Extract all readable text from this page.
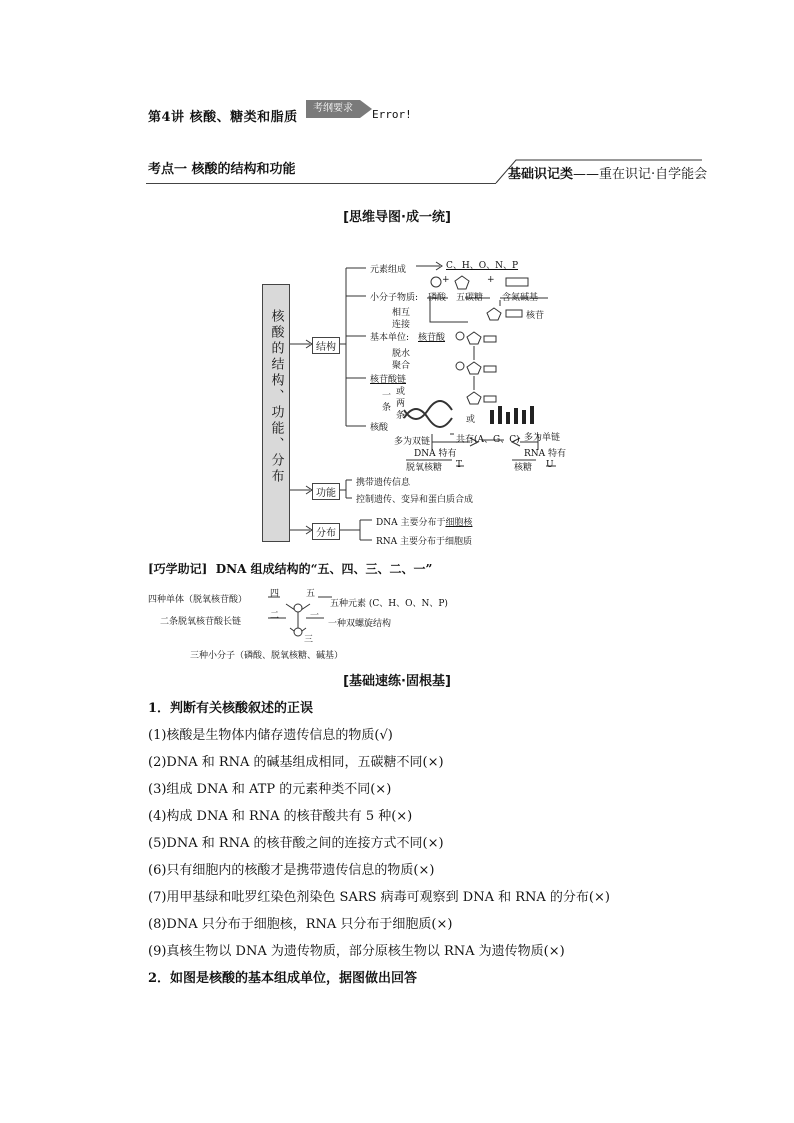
第4讲 核酸、糖类和脂质
考纲要求	Error!
考点一 核酸的结构和功能	基础识记类——重在识记·自学能会
[思维导图·成一统]
核酸的结构、功能、分布	结构
功能
分布
元素组成	C、H、O、N、P
+	+
小分子物质: 磷酸 五碳糖 含氮碱基
核苷
相互
连接
基本单位: 核苷酸
脱水
聚合
核苷酸链
一
条
或
两
条
核酸
或
多为双链	共有(A、G、C) 多为单链
DNA 特有	RNA 特有
脱氧核糖 T	核糖 U
携带遗传信息
控制遗传、变异和蛋白质合成
DNA 主要分布于细胞核
RNA 主要分布于细胞质
[巧学助记] DNA 组成结构的“五、四、三、二、一”
四	五
二	一
三
四种单体（脱氧核苷酸）
二条脱氧核苷酸长链
五种元素 (C、H、O、N、P)
一种双螺旋结构
三种小分子（磷酸、脱氧核糖、碱基）
[基础速练·固根基]
1．判断有关核酸叙述的正误
(1)核酸是生物体内储存遗传信息的物质(√)
(2)DNA 和 RNA 的碱基组成相同，五碳糖不同(×)
(3)组成 DNA 和 ATP 的元素种类不同(×)
(4)构成 DNA 和 RNA 的核苷酸共有 5 种(×)
(5)DNA 和 RNA 的核苷酸之间的连接方式不同(×)
(6)只有细胞内的核酸才是携带遗传信息的物质(×)
(7)用甲基绿和吡罗红染色剂染色 SARS 病毒可观察到 DNA 和 RNA 的分布(×)
(8)DNA 只分布于细胞核，RNA 只分布于细胞质(×)
(9)真核生物以 DNA 为遗传物质，部分原核生物以 RNA 为遗传物质(×)
2．如图是核酸的基本组成单位，据图做出回答
